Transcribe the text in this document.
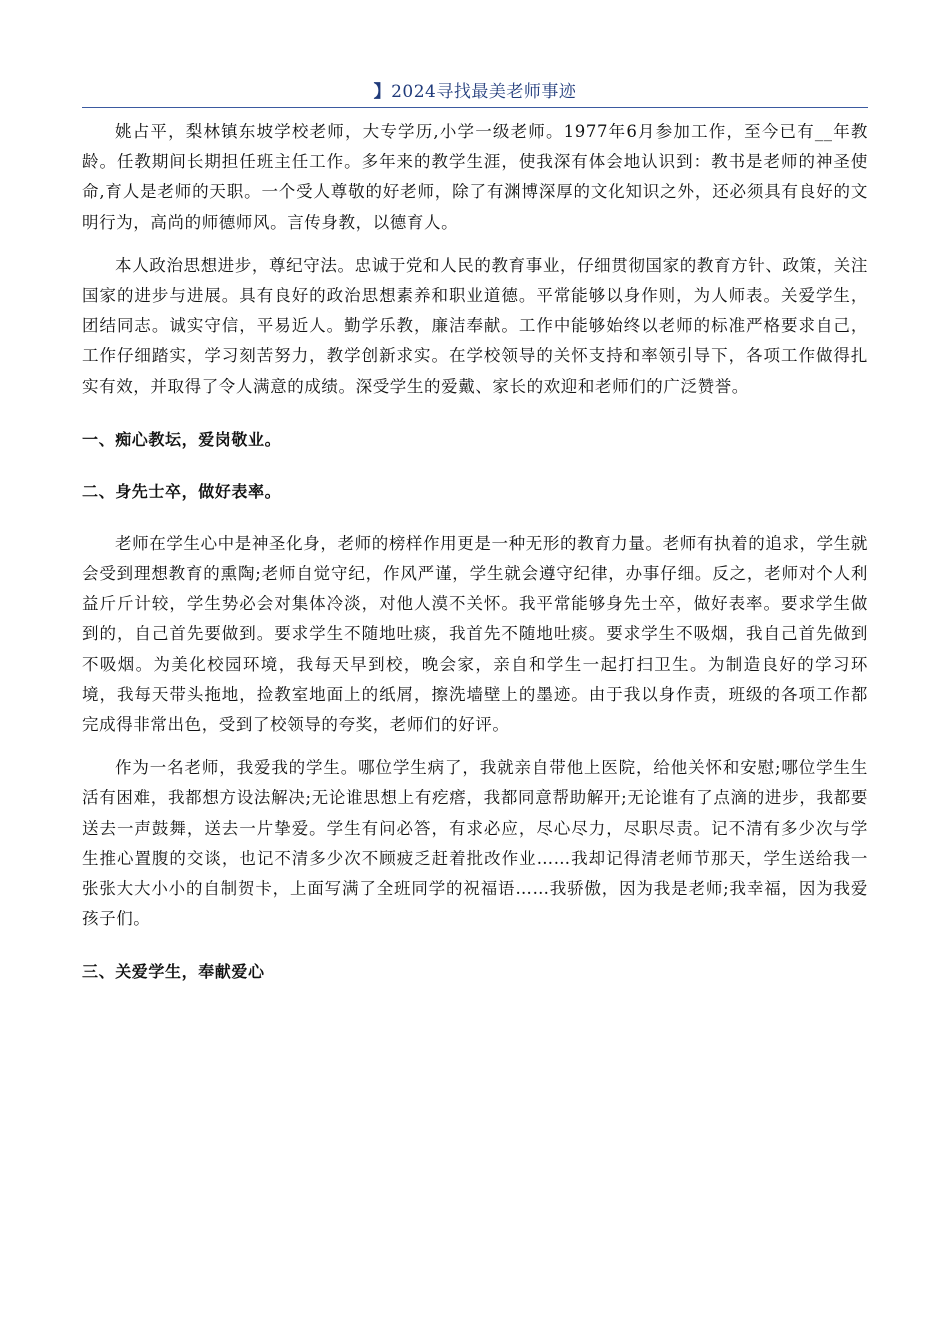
】2024寻找最美老师事迹

姚占平，梨林镇东坡学校老师，大专学历,小学一级老师。1977年6月参加工作，至今已有__年教龄。任教期间长期担任班主任工作。多年来的教学生涯，使我深有体会地认识到：教书是老师的神圣使命,育人是老师的天职。一个受人尊敬的好老师，除了有渊博深厚的文化知识之外，还必须具有良好的文明行为，高尚的师德师风。言传身教，以德育人。

本人政治思想进步，尊纪守法。忠诚于党和人民的教育事业，仔细贯彻国家的教育方针、政策，关注国家的进步与进展。具有良好的政治思想素养和职业道德。平常能够以身作则，为人师表。关爱学生，团结同志。诚实守信，平易近人。勤学乐教，廉洁奉献。工作中能够始终以老师的标准严格要求自己，工作仔细踏实，学习刻苦努力，教学创新求实。在学校领导的关怀支持和率领引导下，各项工作做得扎实有效，并取得了令人满意的成绩。深受学生的爱戴、家长的欢迎和老师们的广泛赞誉。

一、痴心教坛，爱岗敬业。

二、身先士卒，做好表率。

老师在学生心中是神圣化身，老师的榜样作用更是一种无形的教育力量。老师有执着的追求，学生就会受到理想教育的熏陶;老师自觉守纪，作风严谨，学生就会遵守纪律，办事仔细。反之，老师对个人利益斤斤计较，学生势必会对集体冷淡，对他人漠不关怀。我平常能够身先士卒，做好表率。要求学生做到的，自己首先要做到。要求学生不随地吐痰，我首先不随地吐痰。要求学生不吸烟，我自己首先做到不吸烟。为美化校园环境，我每天早到校，晚会家，亲自和学生一起打扫卫生。为制造良好的学习环境，我每天带头拖地，捡教室地面上的纸屑，擦洗墙壁上的墨迹。由于我以身作责，班级的各项工作都完成得非常出色，受到了校领导的夸奖，老师们的好评。

作为一名老师，我爱我的学生。哪位学生病了，我就亲自带他上医院，给他关怀和安慰;哪位学生生活有困难，我都想方设法解决;无论谁思想上有疙瘩，我都同意帮助解开;无论谁有了点滴的进步，我都要送去一声鼓舞，送去一片挚爱。学生有问必答，有求必应，尽心尽力，尽职尽责。记不清有多少次与学生推心置腹的交谈，也记不清多少次不顾疲乏赶着批改作业……我却记得清老师节那天，学生送给我一张张大大小小的自制贺卡，上面写满了全班同学的祝福语……我骄傲，因为我是老师;我幸福，因为我爱孩子们。

三、关爱学生，奉献爱心
